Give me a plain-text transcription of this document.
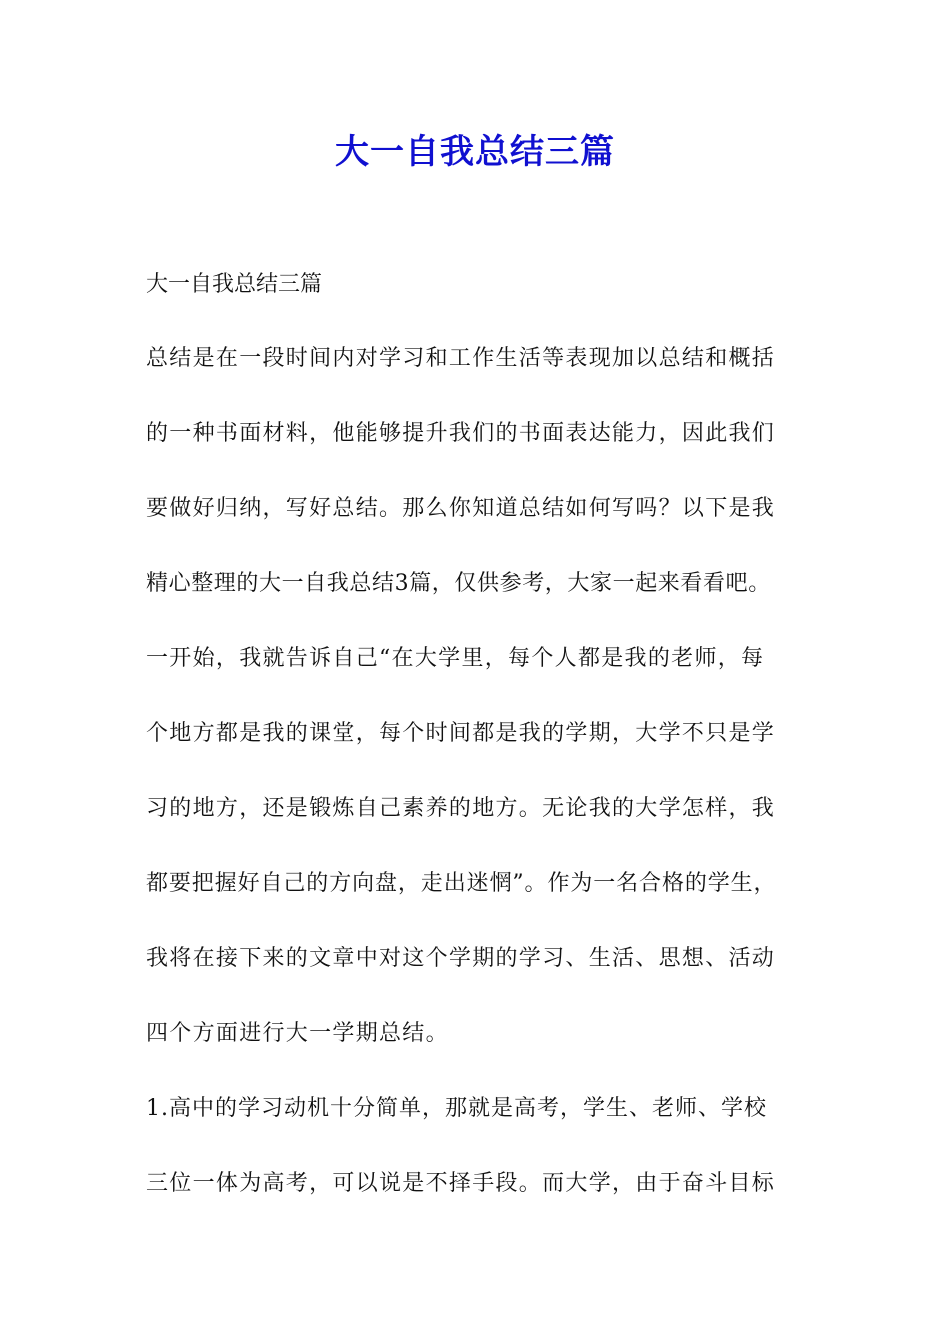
大一自我总结三篇
大一自我总结三篇
总结是在一段时间内对学习和工作生活等表现加以总结和概括
的一种书面材料，他能够提升我们的书面表达能力，因此我们
要做好归纳，写好总结。那么你知道总结如何写吗？以下是我
精心整理的大一自我总结3篇，仅供参考，大家一起来看看吧。
一开始，我就告诉自己“在大学里，每个人都是我的老师，每
个地方都是我的课堂，每个时间都是我的学期，大学不只是学
习的地方，还是锻炼自己素养的地方。无论我的大学怎样，我
都要把握好自己的方向盘，走出迷惘”。作为一名合格的学生，
我将在接下来的文章中对这个学期的学习、生活、思想、活动
四个方面进行大一学期总结。
1.高中的学习动机十分简单，那就是高考，学生、老师、学校
三位一体为高考，可以说是不择手段。而大学，由于奋斗目标
